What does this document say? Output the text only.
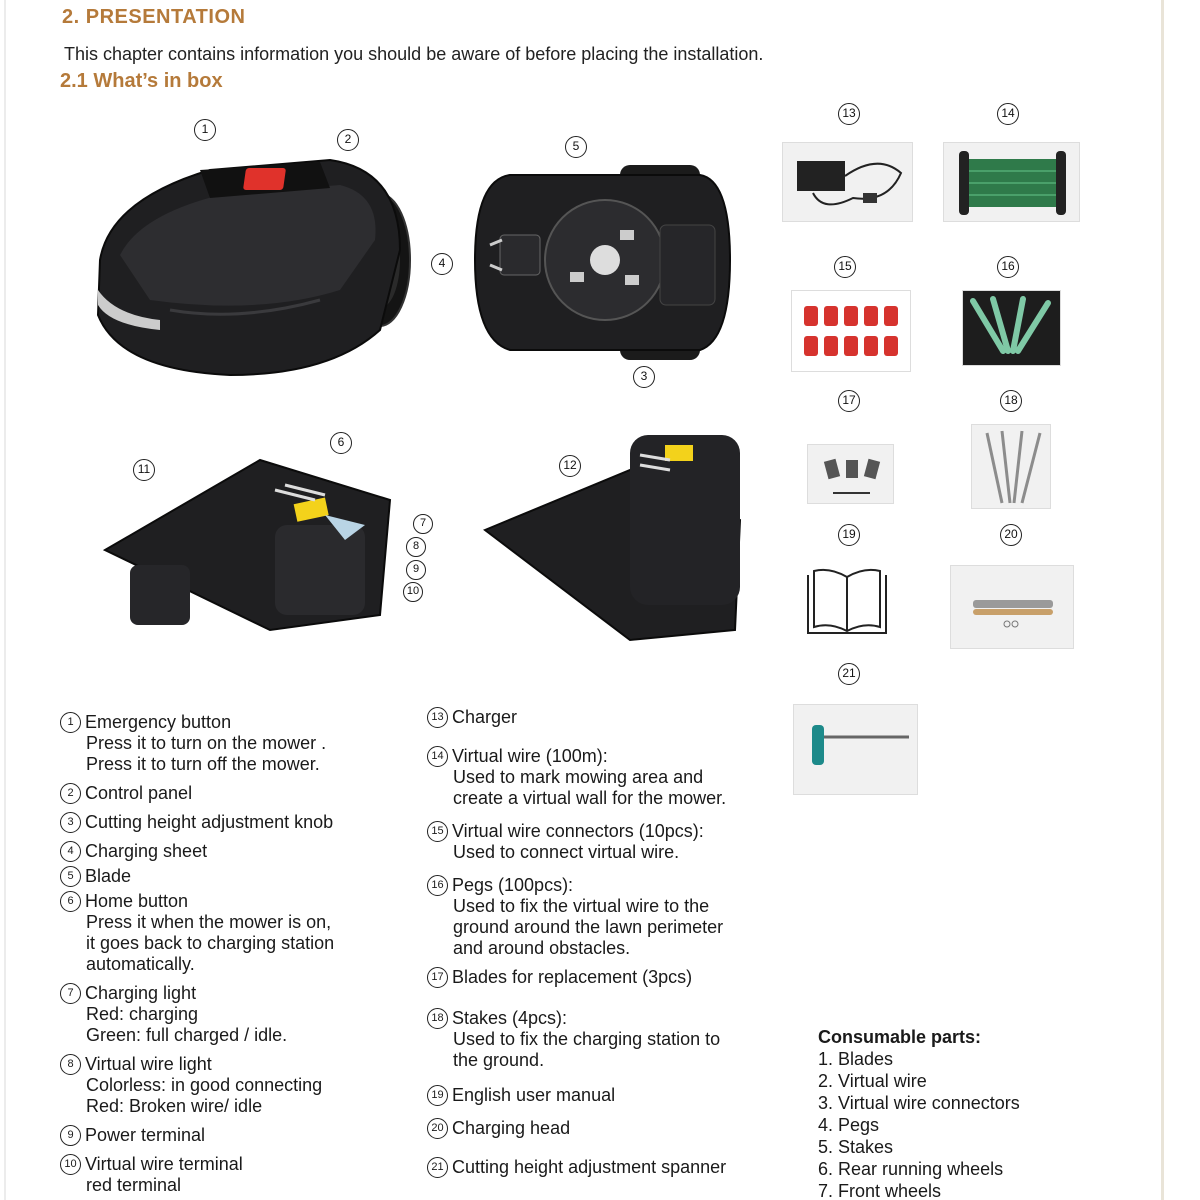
2. PRESENTATION
This chapter contains information you should be aware of before placing the installation.
2.1 What’s in box
1
2	5
4
3
11
6
7
8
9
10
12
13	14
15	16
17	18
19	20
21
1 Emergency button
Press it to turn on the mower .
Press it to turn off the mower.
2 Control panel
3 Cutting height adjustment knob
4 Charging sheet
5 Blade
6 Home button
Press it when the mower is on,
it goes back to charging station
automatically.
7 Charging light
Red: charging
Green: full charged / idle.
8 Virtual wire light
Colorless: in good connecting
Red: Broken wire/ idle
9 Power terminal
10 Virtual wire terminal
red terminal
13 Charger
14 Virtual wire (100m):
Used to mark mowing area and
create a virtual wall for the mower.
15 Virtual wire connectors (10pcs):
Used to connect virtual wire.
16 Pegs (100pcs):
Used to fix the virtual wire to the
ground around the lawn perimeter
and around obstacles.
17 Blades for replacement (3pcs)
18 Stakes (4pcs):
Used to fix the charging station to
the ground.
19 English user manual
20 Charging head
21 Cutting height adjustment spanner
Consumable parts:
1. Blades
2. Virtual wire
3. Virtual wire connectors
4. Pegs
5. Stakes
6. Rear running wheels
7. Front wheels
